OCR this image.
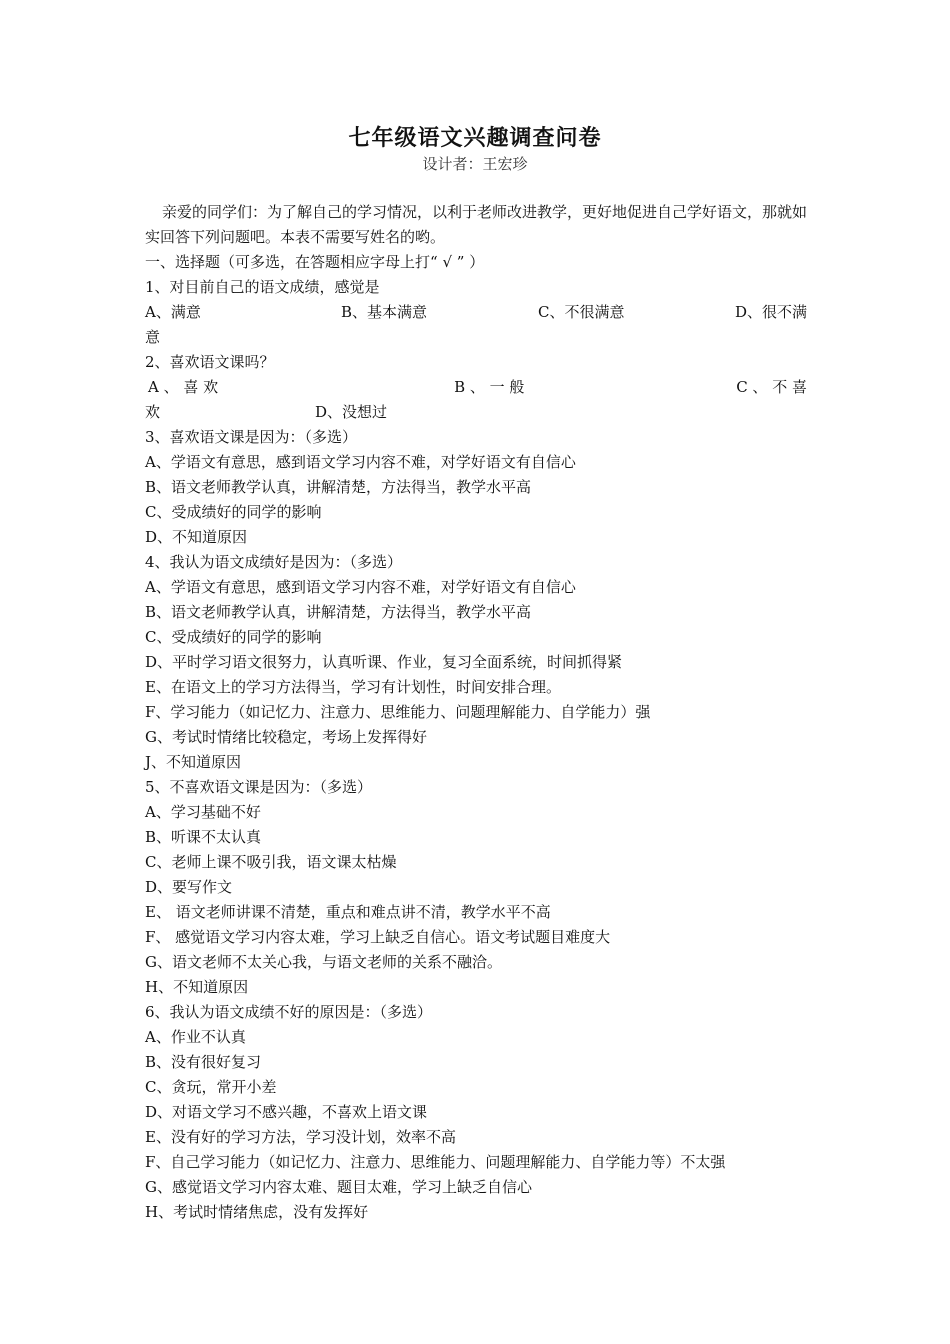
七年级语文兴趣调查问卷
设计者：王宏珍

亲爱的同学们：为了解自己的学习情况，以利于老师改进教学，更好地促进自己学好语文，那就如实回答下列问题吧。本表不需要写姓名的哟。

一、选择题（可多选，在答题相应字母上打“ √ ” ）

1、对目前自己的语文成绩，感觉是

A、满意	B、基本满意	C、不很满意	D、很不满

意

2、喜欢语文课吗？

A 、 喜 欢	B 、 一 般	C 、 不 喜
欢	D、没想过

3、喜欢语文课是因为：（多选）

A、学语文有意思，感到语文学习内容不难，对学好语文有自信心

B、语文老师教学认真，讲解清楚，方法得当，教学水平高

C、受成绩好的同学的影响

D、不知道原因

4、我认为语文成绩好是因为：（多选）

A、学语文有意思，感到语文学习内容不难，对学好语文有自信心

B、语文老师教学认真，讲解清楚，方法得当，教学水平高

C、受成绩好的同学的影响

D、平时学习语文很努力，认真听课、作业，复习全面系统，时间抓得紧

E、在语文上的学习方法得当，学习有计划性，时间安排合理。

F、学习能力（如记忆力、注意力、思维能力、问题理解能力、自学能力）强

G、考试时情绪比较稳定，考场上发挥得好

J、不知道原因

5、不喜欢语文课是因为：（多选）

A、学习基础不好

B、听课不太认真

C、老师上课不吸引我，语文课太枯燥

D、要写作文

E、 语文老师讲课不清楚，重点和难点讲不清，教学水平不高

F、 感觉语文学习内容太难，学习上缺乏自信心。语文考试题目难度大

G、语文老师不太关心我，与语文老师的关系不融洽。

H、不知道原因

6、我认为语文成绩不好的原因是：（多选）

A、作业不认真

B、没有很好复习

C、贪玩，常开小差

D、对语文学习不感兴趣，不喜欢上语文课

E、没有好的学习方法，学习没计划，效率不高

F、自己学习能力（如记忆力、注意力、思维能力、问题理解能力、自学能力等）不太强

G、感觉语文学习内容太难、题目太难，学习上缺乏自信心

H、考试时情绪焦虑，没有发挥好
